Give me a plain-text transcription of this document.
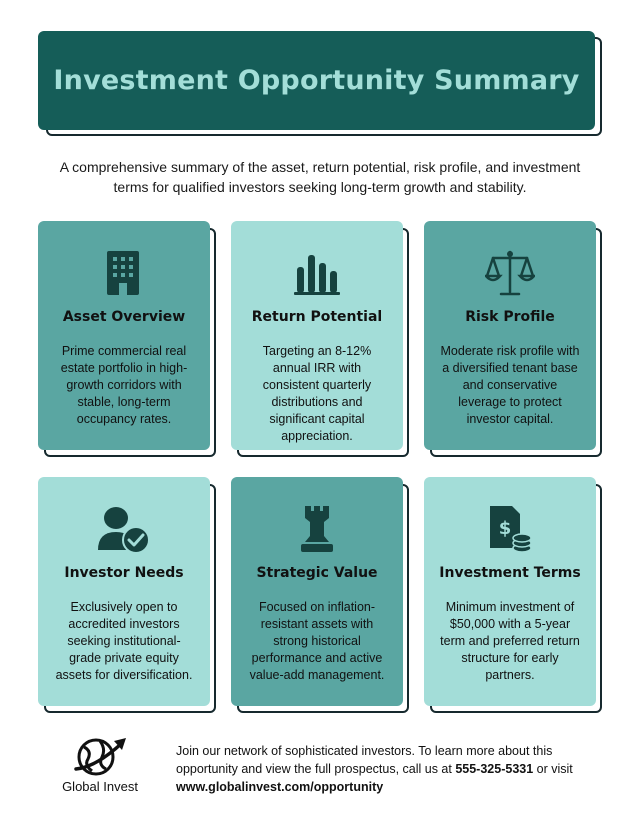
Investment Opportunity Summary

A comprehensive summary of the asset, return potential, risk profile, and investment terms for qualified investors seeking long-term growth and stability.

Asset Overview

Prime commercial real estate portfolio in high-growth corridors with stable, long-term occupancy rates.

Return Potential

Targeting an 8-12% annual IRR with consistent quarterly distributions and significant capital appreciation.

Risk Profile

Moderate risk profile with a diversified tenant base and conservative leverage to protect investor capital.

Investor Needs

Exclusively open to accredited investors seeking institutional-grade private equity assets for diversification.

Strategic Value

Focused on inflation-resistant assets with strong historical performance and active value-add management.

$
Investment Terms

Minimum investment of $50,000 with a 5-year term and preferred return structure for early partners.

Global Invest
Join our network of sophisticated investors. To learn more about this opportunity and view the full prospectus, call us at 555-325-5331 or visit
www.globalinvest.com/opportunity
